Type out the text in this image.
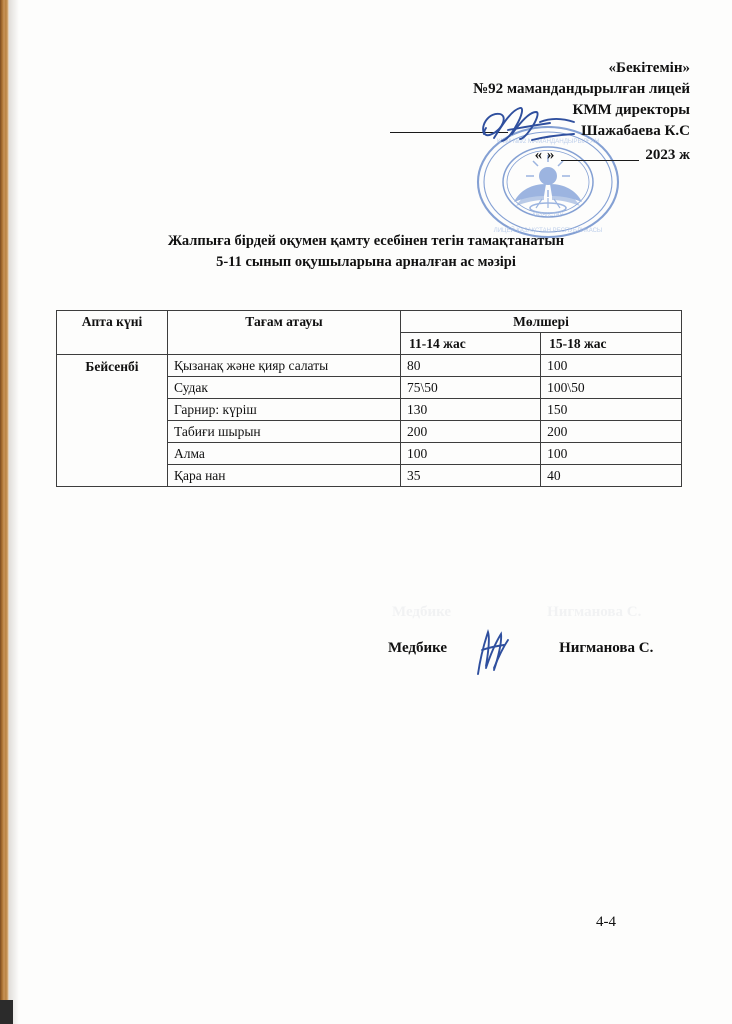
«Бекітемін»
№92 мамандандырылған лицей
КММ директоры
Шажабаева К.С
« »	2023 ж
КММ №92 МАМАНДАНДЫРЫЛҒАН
ЛИЦЕЙ ҚАЗАҚСТАН РЕСПУБЛИКАСЫ
ҚАЗАҚСТАН
Жалпыға бірдей оқумен қамту есебінен тегін тамақтанатын
5-11 сынып оқушыларына арналған ас мәзірі
Апта күні	Тағам атауы	Мөлшері	
		11-14 жас	15-18 жас
Бейсенбі	Қызанақ және қияр салаты	80	100
	Судак	75\50	100\50
	Гарнир: күріш	130	150
	Табиғи шырын	200	200
	Алма	100	100
	Қара нан	35	40
Медбике	Нигманова С.
Медбике	Нигманова С.
4-4
